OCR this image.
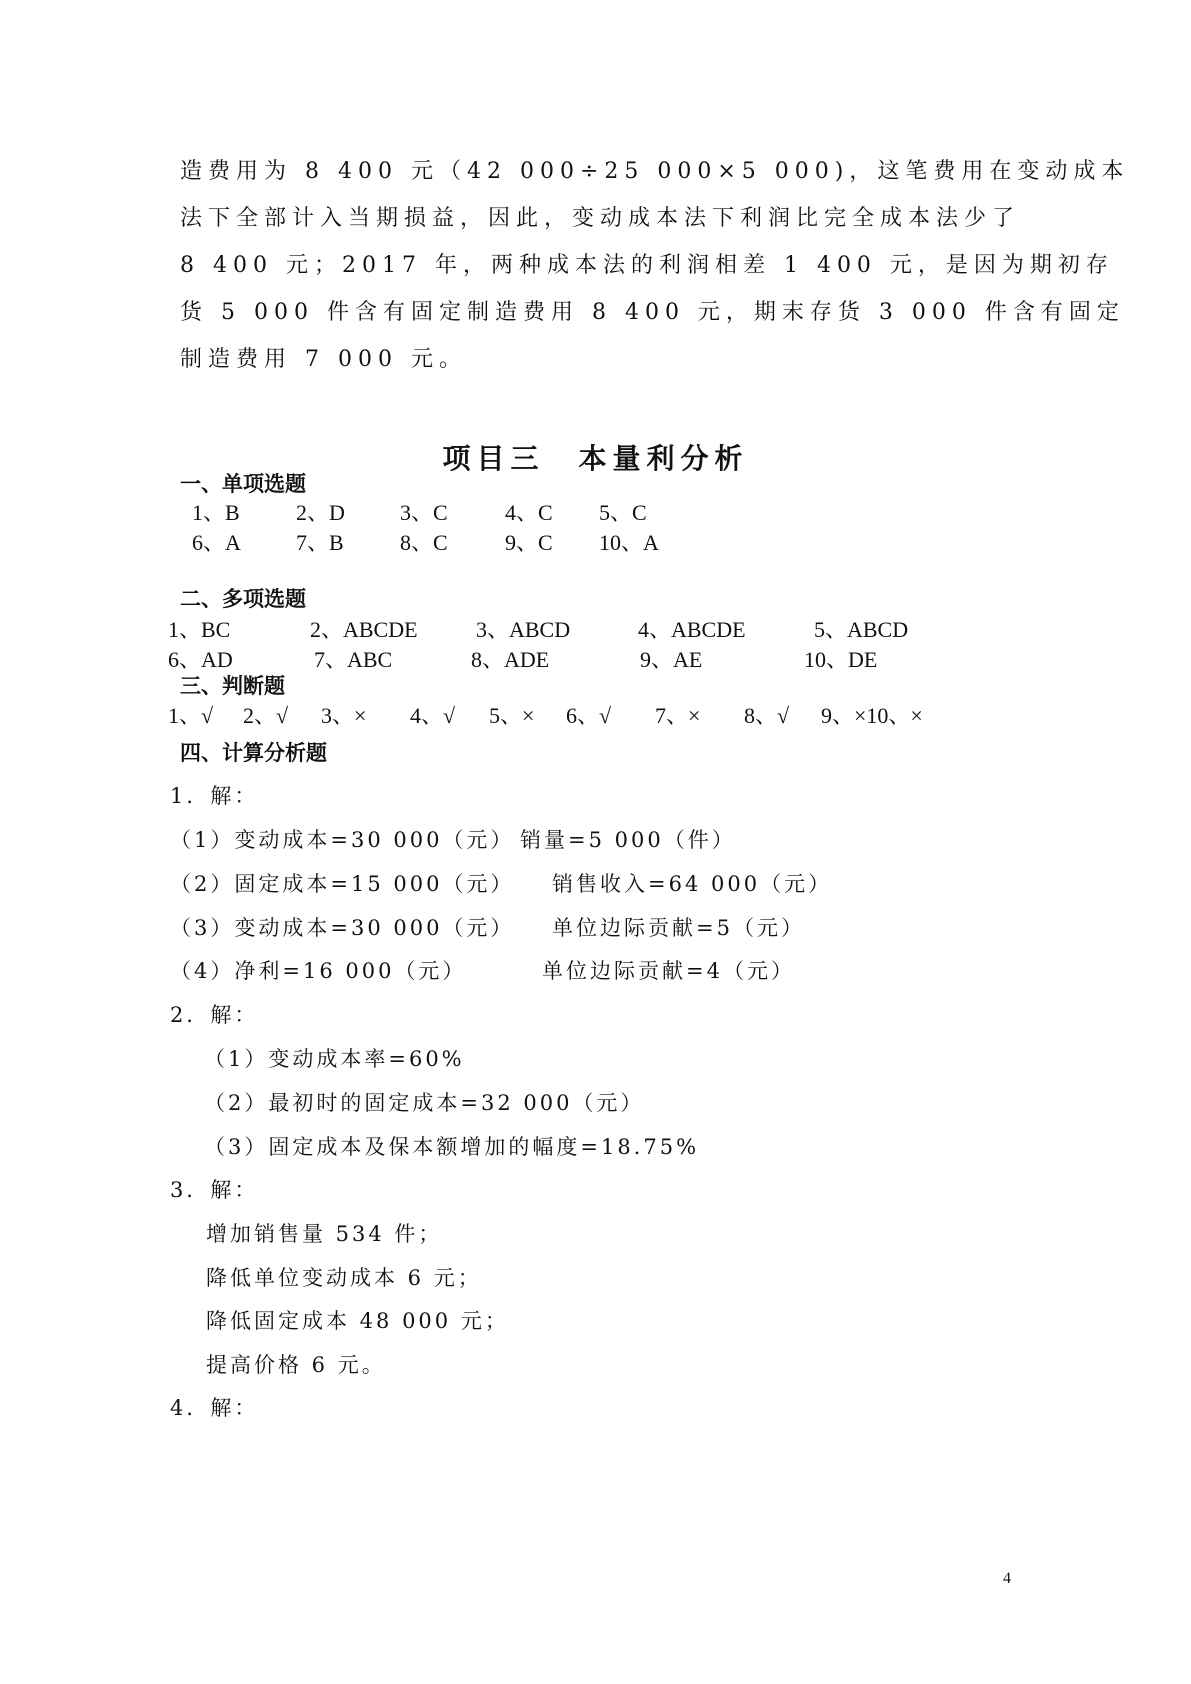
造费用为 8 400 元（42 000÷25 000×5 000)，这笔费用在变动成本

法下全部计入当期损益，因此，变动成本法下利润比完全成本法少了

8 400 元；2017 年，两种成本法的利润相差 1 400 元，是因为期初存

货 5 000 件含有固定制造费用 8 400 元，期末存货 3 000 件含有固定

制造费用 7 000 元。

项目三　本量利分析
一、单项选题
1、B	2、D	3、C	4、C 5、C
6、A	7、B	8、C	9、C 10、A
二、多项选题
1、BC	2、ABCDE	3、ABCD	4、ABCDE	5、ABCD
6、AD	7、ABC	8、ADE	9、AE	10、DE
三、判断题
1、√ 2、√ 3、× 4、√ 5、× 6、√ 7、× 8、√ 9、×10、×
四、计算分析题

1．解：

（1）变动成本=30 000（元） 销量=5 000（件）

（2）固定成本=15 000（元） 销售收入=64 000（元）

（3）变动成本=30 000（元） 单位边际贡献=5（元）

（4）净利=16 000（元）	单位边际贡献=4（元）

2．解：

（1）变动成本率=60%

（2）最初时的固定成本=32 000（元）

（3）固定成本及保本额增加的幅度=18.75%

3．解：

增加销售量 534 件；

降低单位变动成本 6 元；

降低固定成本 48 000 元；

提高价格 6 元。

4．解：

4
